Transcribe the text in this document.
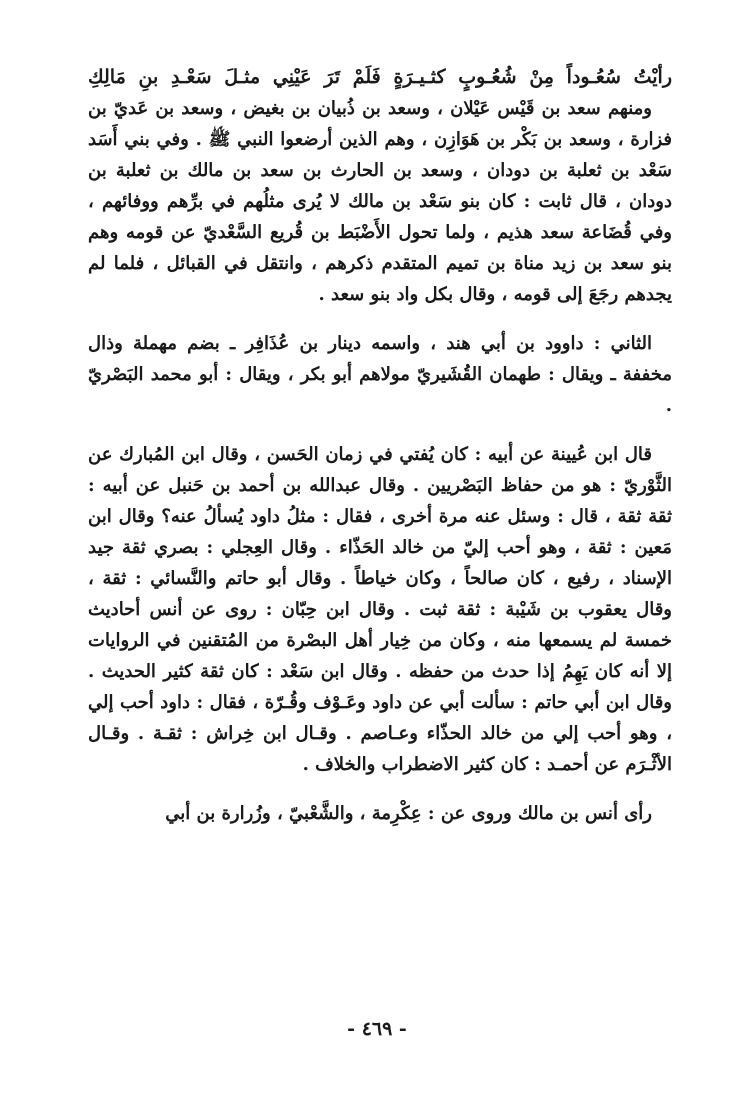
رأيْتُ سُعُـوداً مِنْ شُعُـوبٍ كثـيـرَةٍ فَلَمْ تَرَ عَيْنِي مثـلَ سَعْـدِ بنِ مَالِكِ

ومنهم سعد بن قَيْس عَيْلان ، وسعد بن ذُبيان بن بغيض ، وسعد بن عَديّ بن فزارة ، وسعد بن بَكْر بن هَوَازِن ، وهم الذين أرضعوا النبي ﷺ . وفي بني أَسَد سَعْد بن ثعلبة بن دودان ، وسعد بن الحارث بن سعد بن مالك بن ثعلبة بن دودان ، قال ثابت : كان بنو سَعْد بن مالك لا يُرى مثلُهم في برِّهم ووفائهم ، وفي قُضَاعة سعد هذيم ، ولما تحول الأَضْبَط بن قُريع السَّعْديّ عن قومه وهم بنو سعد بن زيد مناة بن تميم المتقدم ذكرهم ، وانتقل في القبائل ، فلما لم يجدهم رجَعَ إلى قومه ، وقال بكل واد بنو سعد .

الثاني : داوود بن أبي هند ، واسمه دينار بن عُذَافِر ـ بضم مهملة وذال مخففة ـ ويقال : طهمان القُشَيريّ مولاهم أبو بكر ، ويقال : أبو محمد البَصْريّ .

قال ابن عُيينة عن أبيه : كان يُفتي في زمان الحَسن ، وقال ابن المُبارك عن الثَّوْريّ : هو من حفاظ البَصْريين . وقال عبدالله بن أحمد بن حَنبل عن أبيه : ثقة ثقة ، قال : وسئل عنه مرة أخرى ، فقال : مثلُ داود يُسألُ عنه؟ وقال ابن مَعين : ثقة ، وهو أحب إليّ من خالد الحَذّاء . وقال العِجلي : بصري ثقة جيد الإسناد ، رفيع ، كان صالحاً ، وكان خياطاً . وقال أبو حاتم والنَّسائي : ثقة ، وقال يعقوب بن شَيْبة : ثقة ثبت . وقال ابن حِبّان : روى عن أنس أحاديث خمسة لم يسمعها منه ، وكان من خِيار أهل البصْرة من المُتقنين في الروايات إلا أنه كان يَهِمُ إذا حدث من حفظه . وقال ابن سَعْد : كان ثقة كثير الحديث . وقال ابن أبي حاتم : سألت أبي عن داود وعَـوْف وقُـرّة ، فقال : داود أحب إلي ، وهو أحب إلي من خالد الحذّاء وعـاصم . وقـال ابن خِراش : ثقـة . وقـال الأثْـرَم عن أحمـد : كان كثير الاضطراب والخلاف .

رأى أنس بن مالك وروى عن : عِكْرِمة ، والشَّعْبيّ ، وزُرارة بن أبي

- ٤٦٩ -
